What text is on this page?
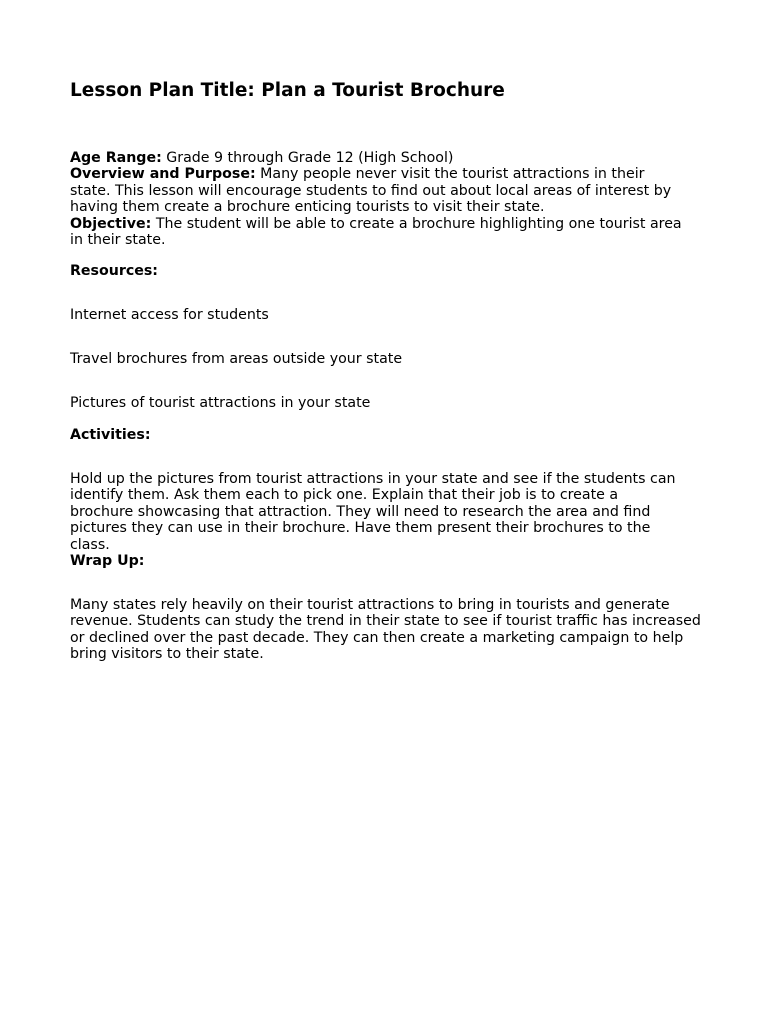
Lesson Plan Title: Plan a Tourist Brochure
Age Range: Grade 9 through Grade 12 (High School)
Overview and Purpose: Many people never visit the tourist attractions in their state. This lesson will encourage students to find out about local areas of interest by having them create a brochure enticing tourists to visit their state.
Objective: The student will be able to create a brochure highlighting one tourist area in their state.

Resources:

Internet access for students

Travel brochures from areas outside your state

Pictures of tourist attractions in your state

Activities:

Hold up the pictures from tourist attractions in your state and see if the students can identify them. Ask them each to pick one. Explain that their job is to create a brochure showcasing that attraction. They will need to research the area and find pictures they can use in their brochure. Have them present their brochures to the class.

Wrap Up:

Many states rely heavily on their tourist attractions to bring in tourists and generate revenue. Students can study the trend in their state to see if tourist traffic has increased or declined over the past decade. They can then create a marketing campaign to help bring visitors to their state.
